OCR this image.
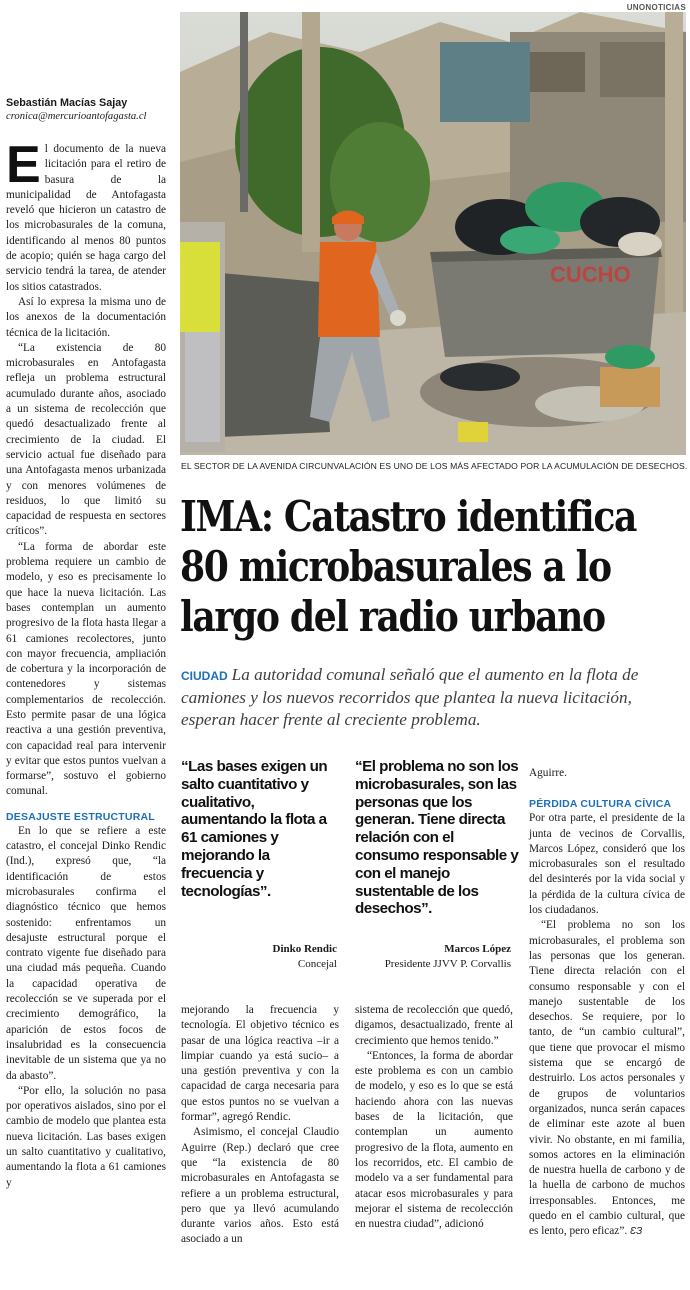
UNONOTICIAS
Sebastián Macías Sajay
cronica@mercurioantofagasta.cl

El documento de la nueva licitación para el retiro de basura de la municipalidad de Antofagasta reveló que hicieron un catastro de los microbasurales de la comuna, identificando al menos 80 puntos de acopio; quién se haga cargo del servicio tendrá la tarea, de atender los sitios catastrados.

Así lo expresa la misma uno de los anexos de la documentación técnica de la licitación.

“La existencia de 80 microbasurales en Antofagasta refleja un problema estructural acumulado durante años, asociado a un sistema de recolección que quedó desactualizado frente al crecimiento de la ciudad. El servicio actual fue diseñado para una Antofagasta menos urbanizada y con menores volúmenes de residuos, lo que limitó su capacidad de respuesta en sectores críticos”.

“La forma de abordar este problema requiere un cambio de modelo, y eso es precisamente lo que hace la nueva licitación. Las bases contemplan un aumento progresivo de la flota hasta llegar a 61 camiones recolectores, junto con mayor frecuencia, ampliación de cobertura y la incorporación de contenedores y sistemas complementarios de recolección. Esto permite pasar de una lógica reactiva a una gestión preventiva, con capacidad real para intervenir y evitar que estos puntos vuelvan a formarse”, sostuvo el gobierno comunal.

DESAJUSTE ESTRUCTURAL

En lo que se refiere a este catastro, el concejal Dinko Rendic (Ind.), expresó que, “la identificación de estos microbasurales confirma el diagnóstico técnico que hemos sostenido: enfrentamos un desajuste estructural porque el contrato vigente fue diseñado para una ciudad más pequeña. Cuando la capacidad operativa de recolección se ve superada por el crecimiento demográfico, la aparición de estos focos de insalubridad es la consecuencia inevitable de un sistema que ya no da abasto”.

“Por ello, la solución no pasa por operativos aislados, sino por el cambio de modelo que plantea esta nueva licitación. Las bases exigen un salto cuantitativo y cualitativo, aumentando la flota a 61 camiones y

CUCHO
EL SECTOR DE LA AVENIDA CIRCUNVALACIÓN ES UNO DE LOS MÁS AFECTADO POR LA ACUMULACIÓN DE DESECHOS.
IMA: Catastro identifica
80 microbasurales a lo
largo del radio urbano
CIUDAD La autoridad comunal señaló que el aumento en la flota de camiones y los nuevos recorridos que plantea la nueva licitación, esperan hacer frente al creciente problema.
“Las bases exigen un salto cuantitativo y cualitativo, aumentando la flota a 61 camiones y mejorando la frecuencia y tecnologías”.
“El problema no son los microbasurales, son las personas que los generan. Tiene directa relación con el consumo responsable y con el manejo sustentable de los desechos”.
Dinko Rendic
Concejal
Marcos López
Presidente JJVV P. Corvallis

mejorando la frecuencia y tecnología. El objetivo técnico es pasar de una lógica reactiva –ir a limpiar cuando ya está sucio– a una gestión preventiva y con la capacidad de carga necesaria para que estos puntos no se vuelvan a formar”, agregó Rendic.

Asimismo, el concejal Claudio Aguirre (Rep.) declaró que cree que “la existencia de 80 microbasurales en Antofagasta se refiere a un problema estructural, pero que ya llevó acumulando durante varios años. Esto está asociado a un

sistema de recolección que quedó, digamos, desactualizado, frente al crecimiento que hemos tenido.”

“Entonces, la forma de abordar este problema es con un cambio de modelo, y eso es lo que se está haciendo ahora con las nuevas bases de la licitación, que contemplan un aumento progresivo de la flota, aumento en los recorridos, etc. El cambio de modelo va a ser fundamental para atacar esos microbasurales y para mejorar el sistema de recolección en nuestra ciudad”, adicionó

Aguirre.

PÉRDIDA CULTURA CÍVICA

Por otra parte, el presidente de la junta de vecinos de Corvallis, Marcos López, consideró que los microbasurales son el resultado del desinterés por la vida social y la pérdida de la cultura cívica de los ciudadanos.

“El problema no son los microbasurales, el problema son las personas que los generan. Tiene directa relación con el consumo responsable y con el manejo sustentable de los desechos. Se requiere, por lo tanto, de “un cambio cultural”, que tiene que provocar el mismo sistema que se encargó de destruirlo. Los actos personales y de grupos de voluntarios organizados, nunca serán capaces de eliminar este azote al buen vivir. No obstante, en mi familia, somos actores en la eliminación de nuestra huella de carbono y de la huella de carbono de muchos irresponsables. Entonces, me quedo en el cambio cultural, que es lento, pero eficaz”. ƐЗ
